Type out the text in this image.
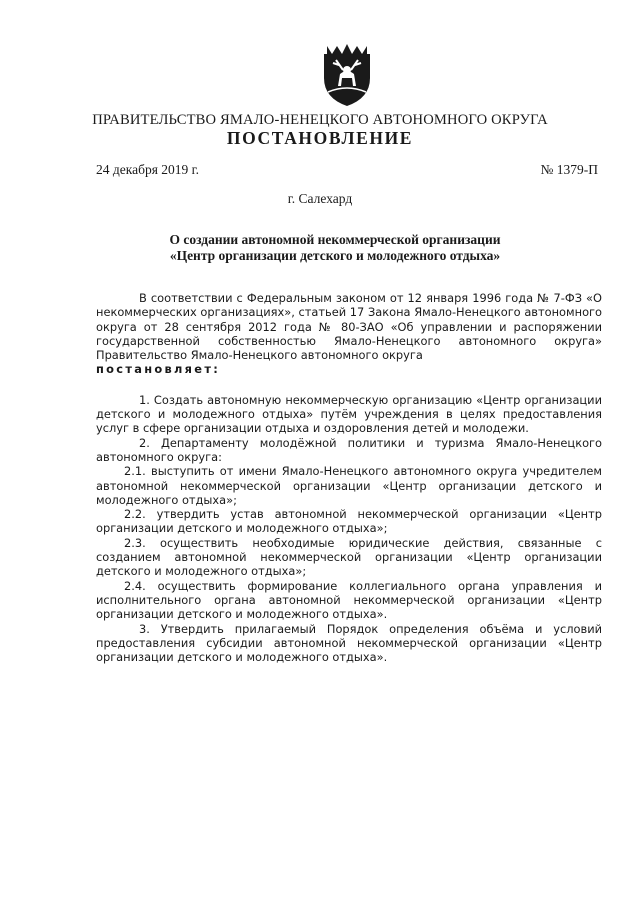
ПРАВИТЕЛЬСТВО ЯМАЛО-НЕНЕЦКОГО АВТОНОМНОГО ОКРУГА
ПОСТАНОВЛЕНИЕ
24 декабря 2019 г.	№ 1379-П
г. Салехард
О создании автономной некоммерческой организации
«Центр организации детского и молодежного отдыха»

В соответствии с Федеральным законом от 12 января 1996 года № 7-ФЗ «О некоммерческих организациях», статьей 17 Закона Ямало-Ненецкого автономного округа от 28 сентября 2012 года № 80-ЗАО «Об управлении и распоряжении государственной собственностью Ямало-Ненецкого автономного округа» Правительство Ямало-Ненецкого автономного округа

постановляет:

1. Создать автономную некоммерческую организацию «Центр организации детского и молодежного отдыха» путём учреждения в целях предоставления услуг в сфере организации отдыха и оздоровления детей и молодежи.

2. Департаменту молодёжной политики и туризма Ямало-Ненецкого автономного округа:

2.1. выступить от имени Ямало-Ненецкого автономного округа учредителем автономной некоммерческой организации «Центр организации детского и молодежного отдыха»;

2.2. утвердить устав автономной некоммерческой организации «Центр организации детского и молодежного отдыха»;

2.3. осуществить необходимые юридические действия, связанные с созданием автономной некоммерческой организации «Центр организации детского и молодежного отдыха»;

2.4. осуществить формирование коллегиального органа управления и исполнительного органа автономной некоммерческой организации «Центр организации детского и молодежного отдыха».

3. Утвердить прилагаемый Порядок определения объёма и условий предоставления субсидии автономной некоммерческой организации «Центр организации детского и молодежного отдыха».
